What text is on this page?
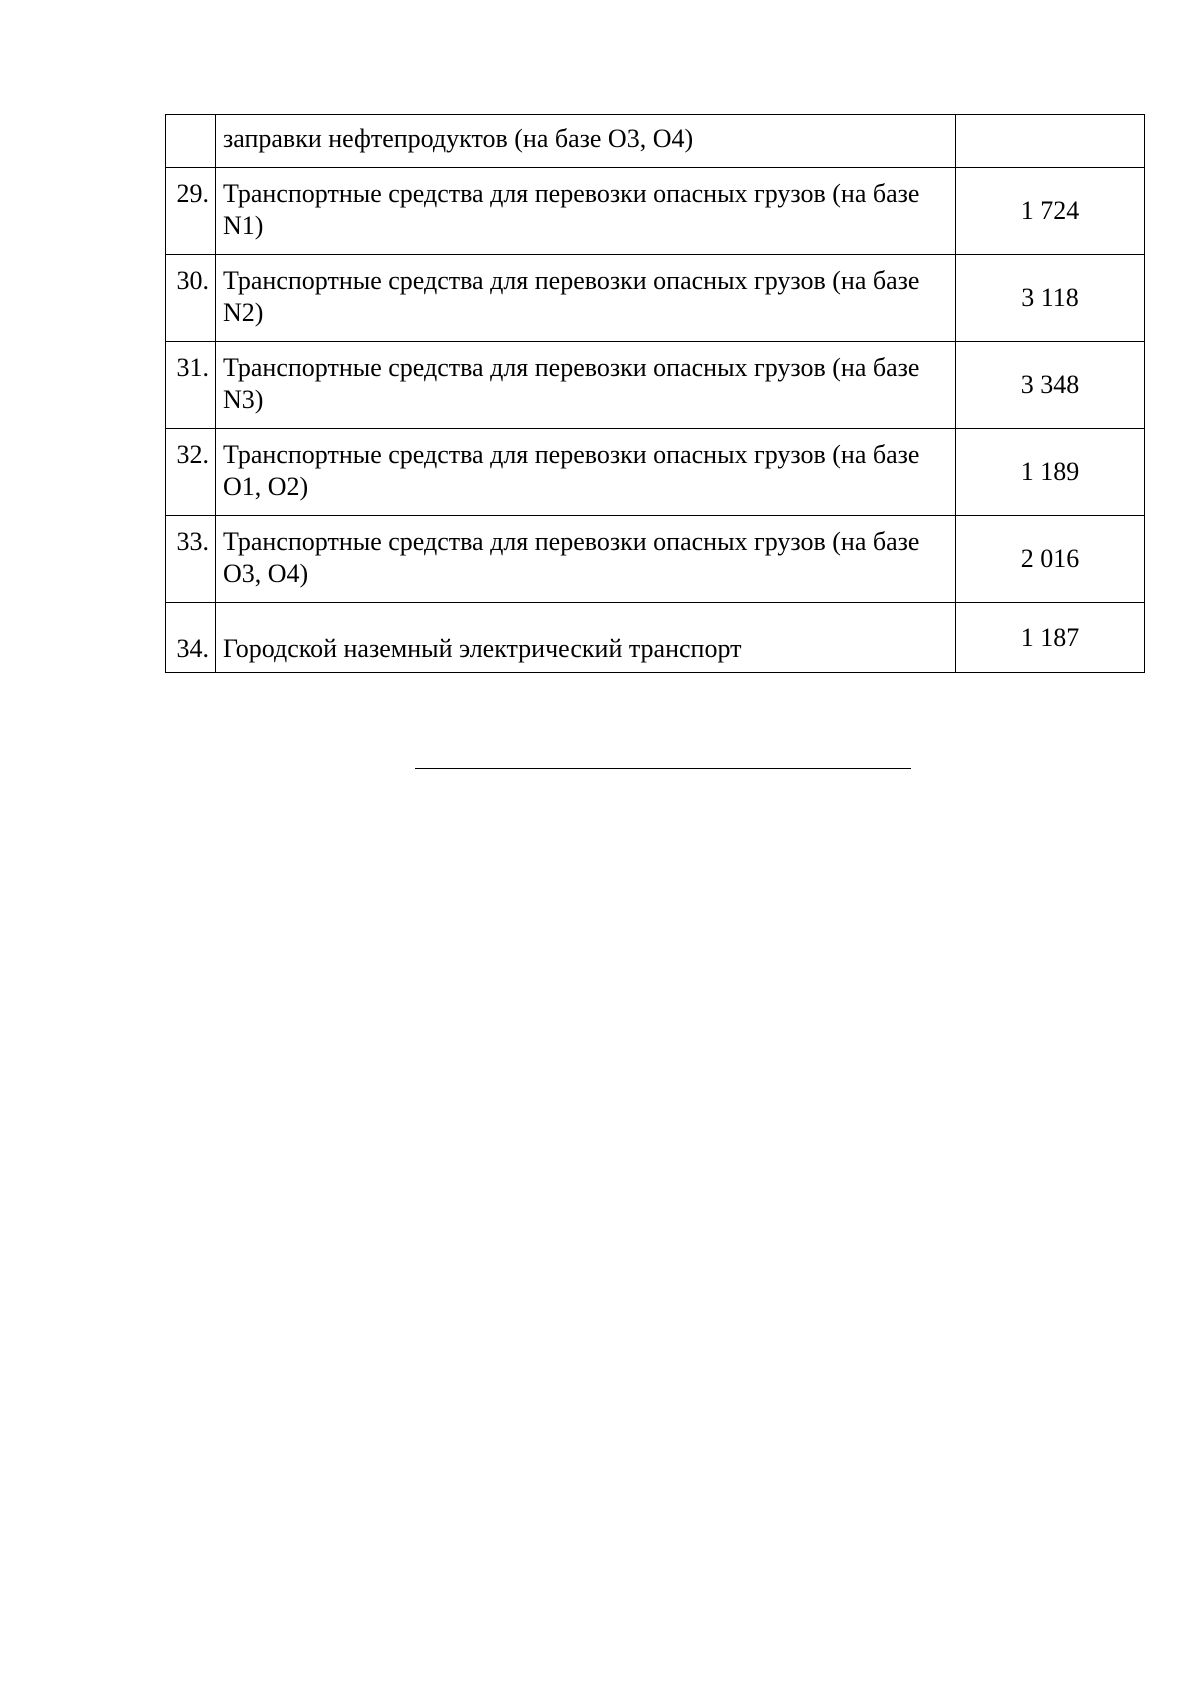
	заправки нефтепродуктов (на базе O3, O4)	
29.	Транспортные средства для перевозки опасных грузов (на базе N1)	1 724
30.	Транспортные средства для перевозки опасных грузов (на базе N2)	3 118
31.	Транспортные средства для перевозки опасных грузов (на базе N3)	3 348
32.	Транспортные средства для перевозки опасных грузов (на базе O1, O2)	1 189
33.	Транспортные средства для перевозки опасных грузов (на базе O3, O4)	2 016
34.	Городской наземный электрический транспорт	1 187
